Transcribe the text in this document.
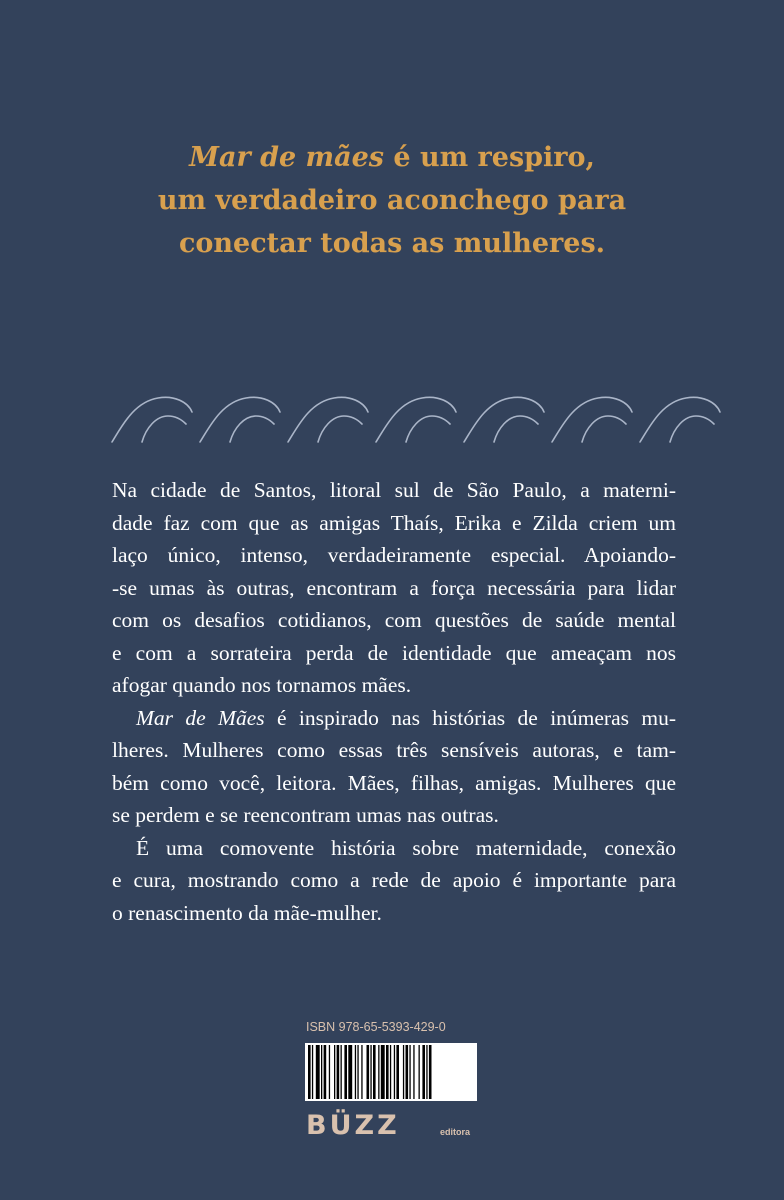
Mar de mães é um respiro,
um verdadeiro aconchego para
conectar todas as mulheres.
Na cidade de Santos, litoral sul de São Paulo, a materni-
dade faz com que as amigas Thaís, Erika e Zilda criem um
laço único, intenso, verdadeiramente especial. Apoiando-
-se umas às outras, encontram a força necessária para lidar
com os desafios cotidianos, com questões de saúde mental
e com a sorrateira perda de identidade que ameaçam nos
afogar quando nos tornamos mães.
Mar de Mães é inspirado nas histórias de inúmeras mu-
lheres. Mulheres como essas três sensíveis autoras, e tam-
bém como você, leitora. Mães, filhas, amigas. Mulheres que
se perdem e se reencontram umas nas outras.
É uma comovente história sobre maternidade, conexão
e cura, mostrando como a rede de apoio é importante para
o renascimento da mãe-mulher.
ISBN 978-65-5393-429-0
BÜZZ	editora
